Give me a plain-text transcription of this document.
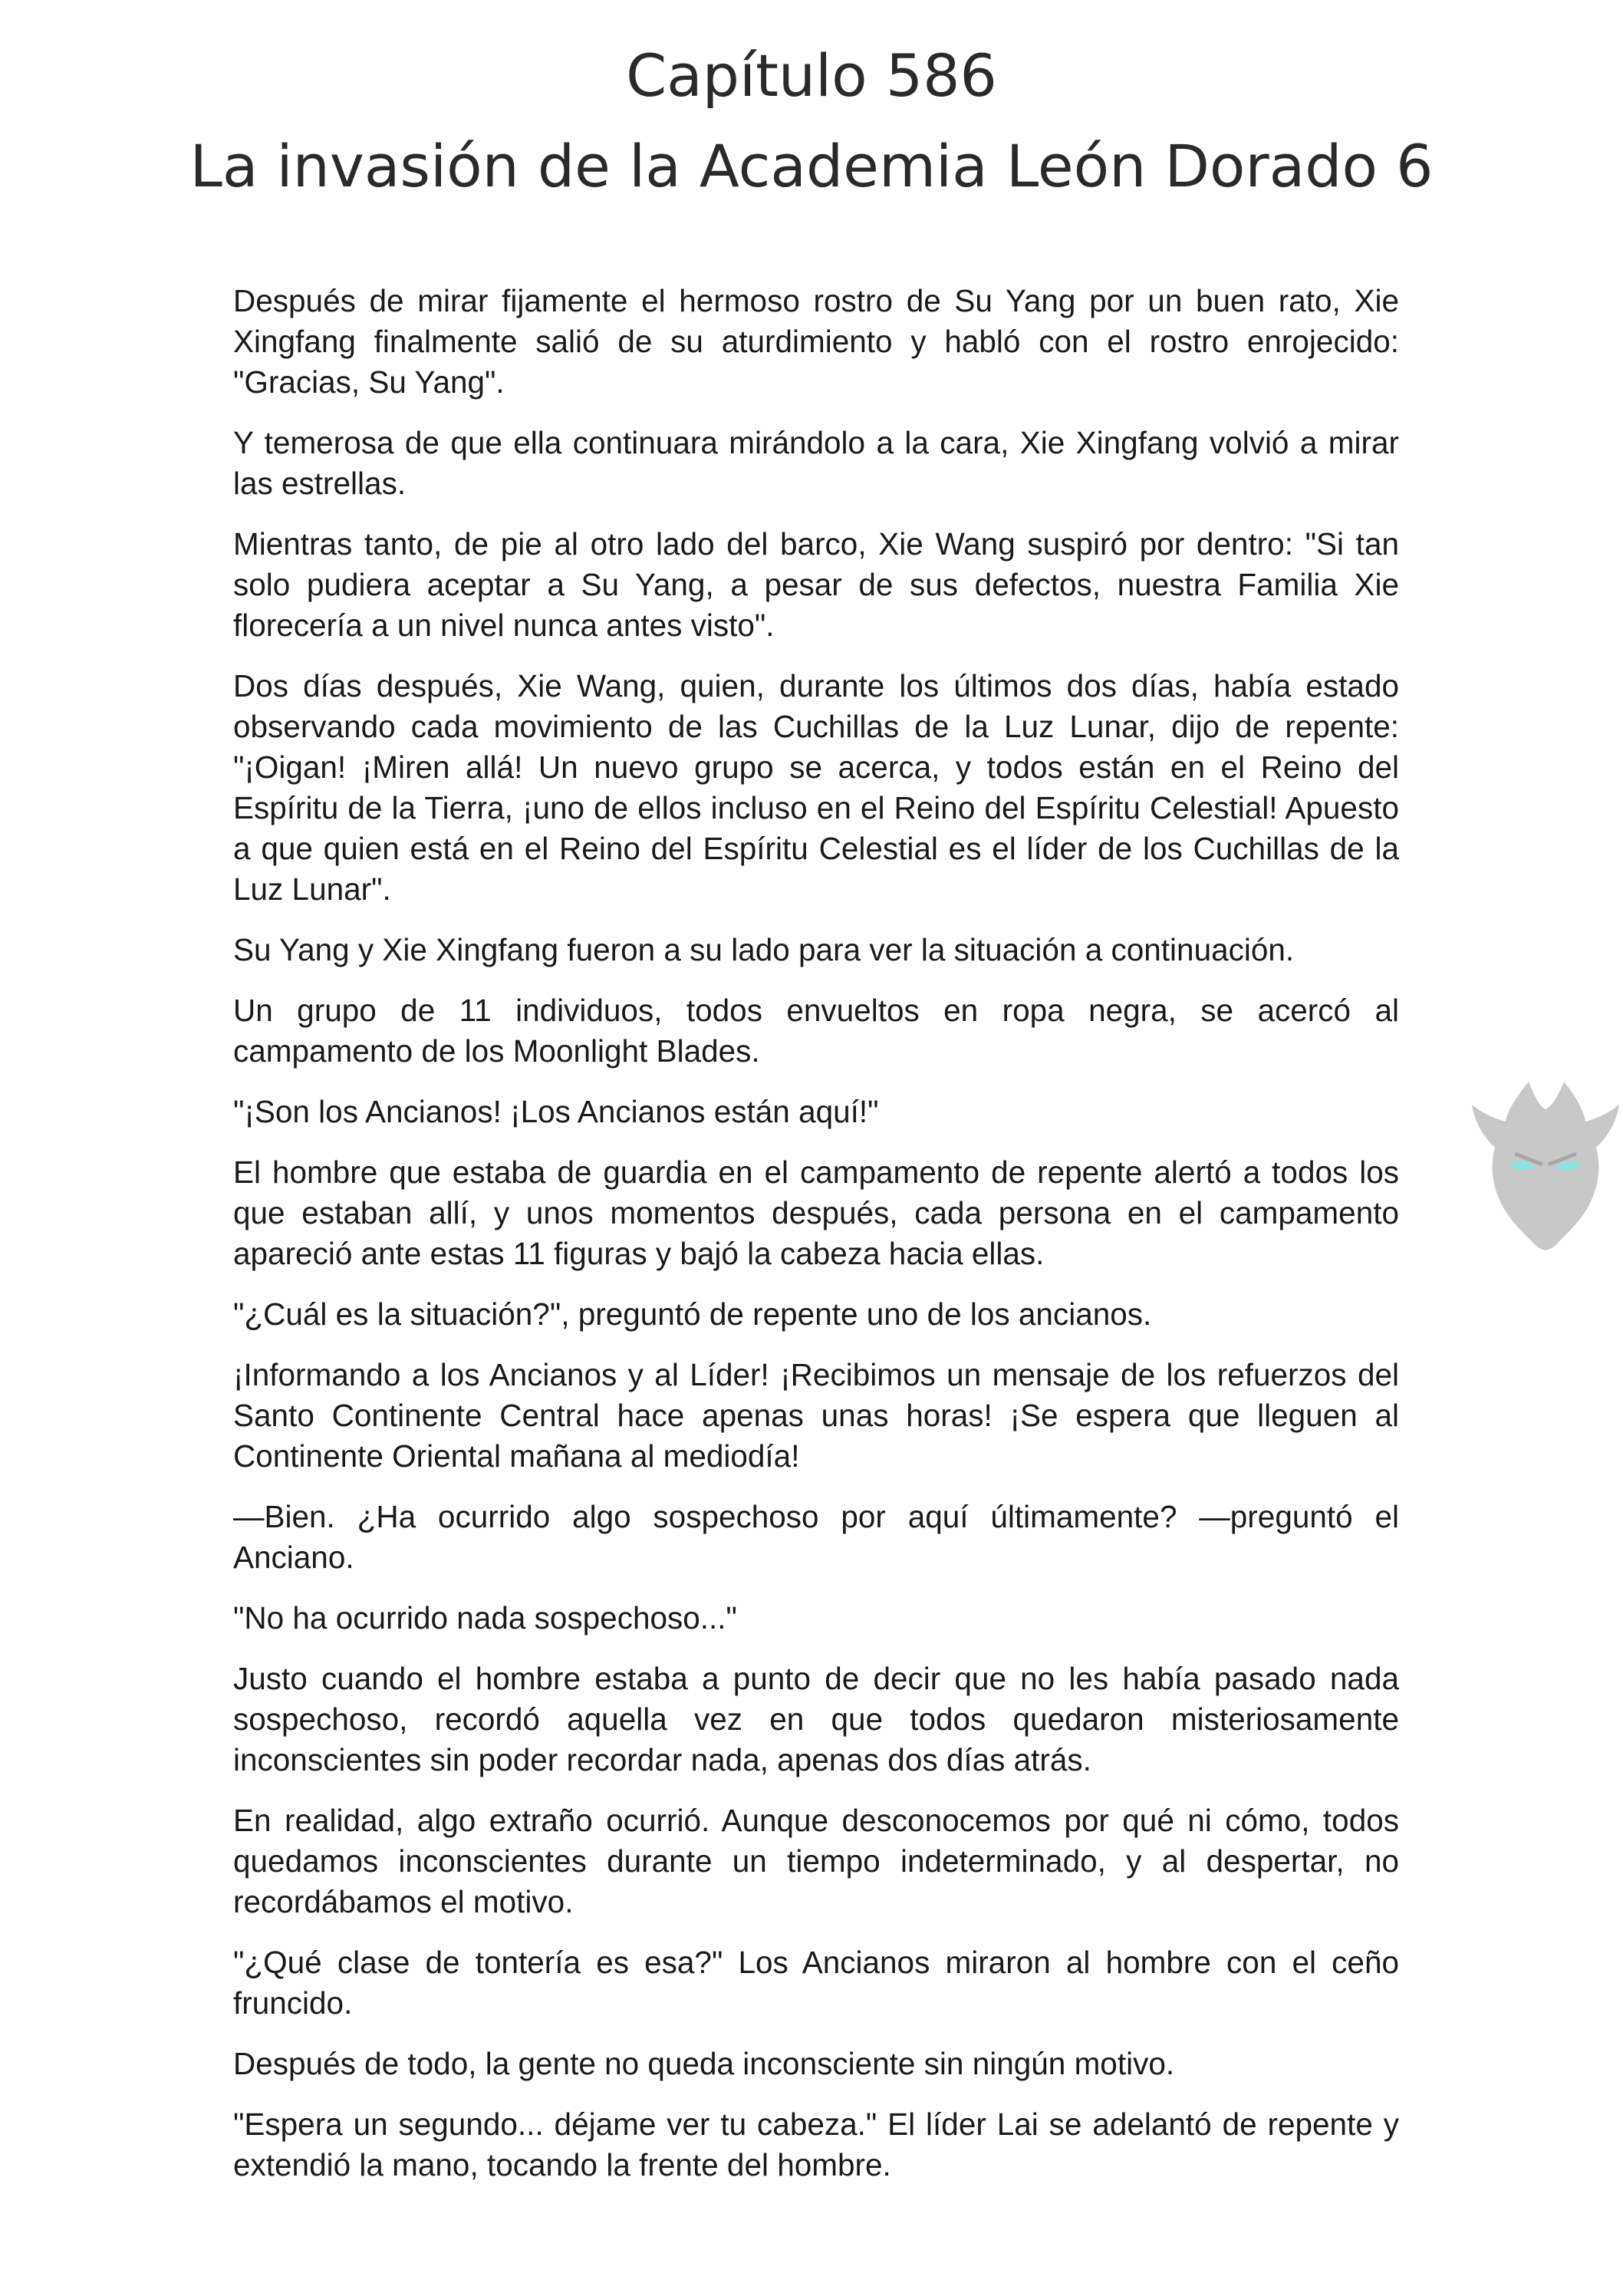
Capítulo 586
La invasión de la Academia León Dorado 6

Después de mirar fijamente el hermoso rostro de Su Yang por un buen rato, Xie Xingfang finalmente salió de su aturdimiento y habló con el rostro enrojecido: "Gracias, Su Yang".

Y temerosa de que ella continuara mirándolo a la cara, Xie Xingfang volvió a mirar las estrellas.

Mientras tanto, de pie al otro lado del barco, Xie Wang suspiró por dentro: "Si tan solo pudiera aceptar a Su Yang, a pesar de sus defectos, nuestra Familia Xie florecería a un nivel nunca antes visto".

Dos días después, Xie Wang, quien, durante los últimos dos días, había estado observando cada movimiento de las Cuchillas de la Luz Lunar, dijo de repente: "¡Oigan! ¡Miren allá! Un nuevo grupo se acerca, y todos están en el Reino del Espíritu de la Tierra, ¡uno de ellos incluso en el Reino del Espíritu Celestial! Apuesto a que quien está en el Reino del Espíritu Celestial es el líder de los Cuchillas de la Luz Lunar".

Su Yang y Xie Xingfang fueron a su lado para ver la situación a continuación.

Un grupo de 11 individuos, todos envueltos en ropa negra, se acercó al campamento de los Moonlight Blades.

"¡Son los Ancianos! ¡Los Ancianos están aquí!"

El hombre que estaba de guardia en el campamento de repente alertó a todos los que estaban allí, y unos momentos después, cada persona en el campamento apareció ante estas 11 figuras y bajó la cabeza hacia ellas.

"¿Cuál es la situación?", preguntó de repente uno de los ancianos.

¡Informando a los Ancianos y al Líder! ¡Recibimos un mensaje de los refuerzos del Santo Continente Central hace apenas unas horas! ¡Se espera que lleguen al Continente Oriental mañana al mediodía!

—Bien. ¿Ha ocurrido algo sospechoso por aquí últimamente? —preguntó el Anciano.

"No ha ocurrido nada sospechoso..."

Justo cuando el hombre estaba a punto de decir que no les había pasado nada sospechoso, recordó aquella vez en que todos quedaron misteriosamente inconscientes sin poder recordar nada, apenas dos días atrás.

En realidad, algo extraño ocurrió. Aunque desconocemos por qué ni cómo, todos quedamos inconscientes durante un tiempo indeterminado, y al despertar, no recordábamos el motivo.

"¿Qué clase de tontería es esa?" Los Ancianos miraron al hombre con el ceño fruncido.

Después de todo, la gente no queda inconsciente sin ningún motivo.

"Espera un segundo... déjame ver tu cabeza." El líder Lai se adelantó de repente y extendió la mano, tocando la frente del hombre.
